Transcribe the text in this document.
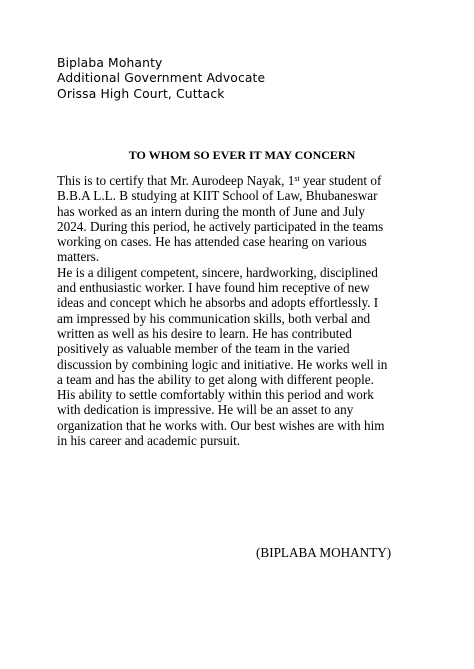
Biplaba Mohanty
Additional Government Advocate
Orissa High Court, Cuttack
TO WHOM SO EVER IT MAY CONCERN
This is to certify that Mr. Aurodeep Nayak, 1st year student of
B.B.A L.L. B studying at KIIT School of Law, Bhubaneswar
has worked as an intern during the month of June and July
2024. During this period, he actively participated in the teams
working on cases. He has attended case hearing on various
matters.
He is a diligent competent, sincere, hardworking, disciplined
and enthusiastic worker. I have found him receptive of new
ideas and concept which he absorbs and adopts effortlessly. I
am impressed by his communication skills, both verbal and
written as well as his desire to learn. He has contributed
positively as valuable member of the team in the varied
discussion by combining logic and initiative. He works well in
a team and has the ability to get along with different people.
His ability to settle comfortably within this period and work
with dedication is impressive. He will be an asset to any
organization that he works with. Our best wishes are with him
in his career and academic pursuit.
(BIPLABA MOHANTY)
